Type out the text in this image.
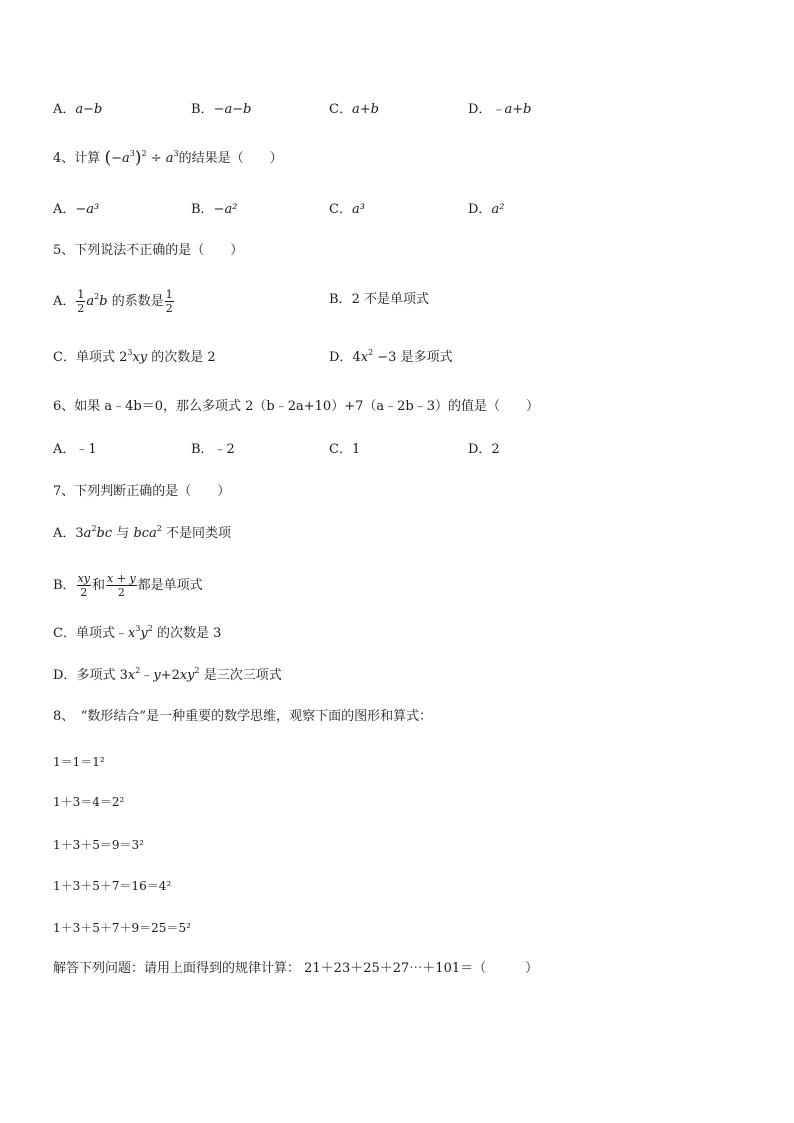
A．a−b	B．−a−b	C．a+b	D．﹣a+b
4、计算 $(-a^3)^2 \div a^3$的结果是（　　）
A．−a³	B．−a²	C．a³	D．a²
5、下列说法不正确的是（　　）
A． $\frac{1}{2} a^2b$ 的系数是 $\frac{1}{2}$	B．2 不是单项式
C．单项式 $2^3xy$ 的次数是 2	D．$4x^2 -3$ 是多项式
6、如果 a﹣4b＝0，那么多项式 2（b﹣2a+10）+7（a﹣2b﹣3）的值是（　　）
A．﹣1	B．﹣2	C．1	D．2
7、下列判断正确的是（　　）
A．$3a^2bc$ 与 bca$^2$ 不是同类项
B． $\frac{xy}{2}$ 和 $\frac{x + y}{2}$ 都是单项式
C．单项式$﹣x^3y^2$ 的次数是 3
D．多项式 $3x^2﹣y+2xy^2$ 是三次三项式
8、　“数形结合”是一种重要的数学思维，观察下面的图形和算式：
1＝1＝1²
1＋3＝4＝2²
1＋3＋5＝9＝3²
1＋3＋5＋7＝16＝4²
1＋3＋5＋7＋9＝25＝5²
解答下列问题：请用上面得到的规律计算： 21＋23＋25＋27⋯＋101＝（　　　）
